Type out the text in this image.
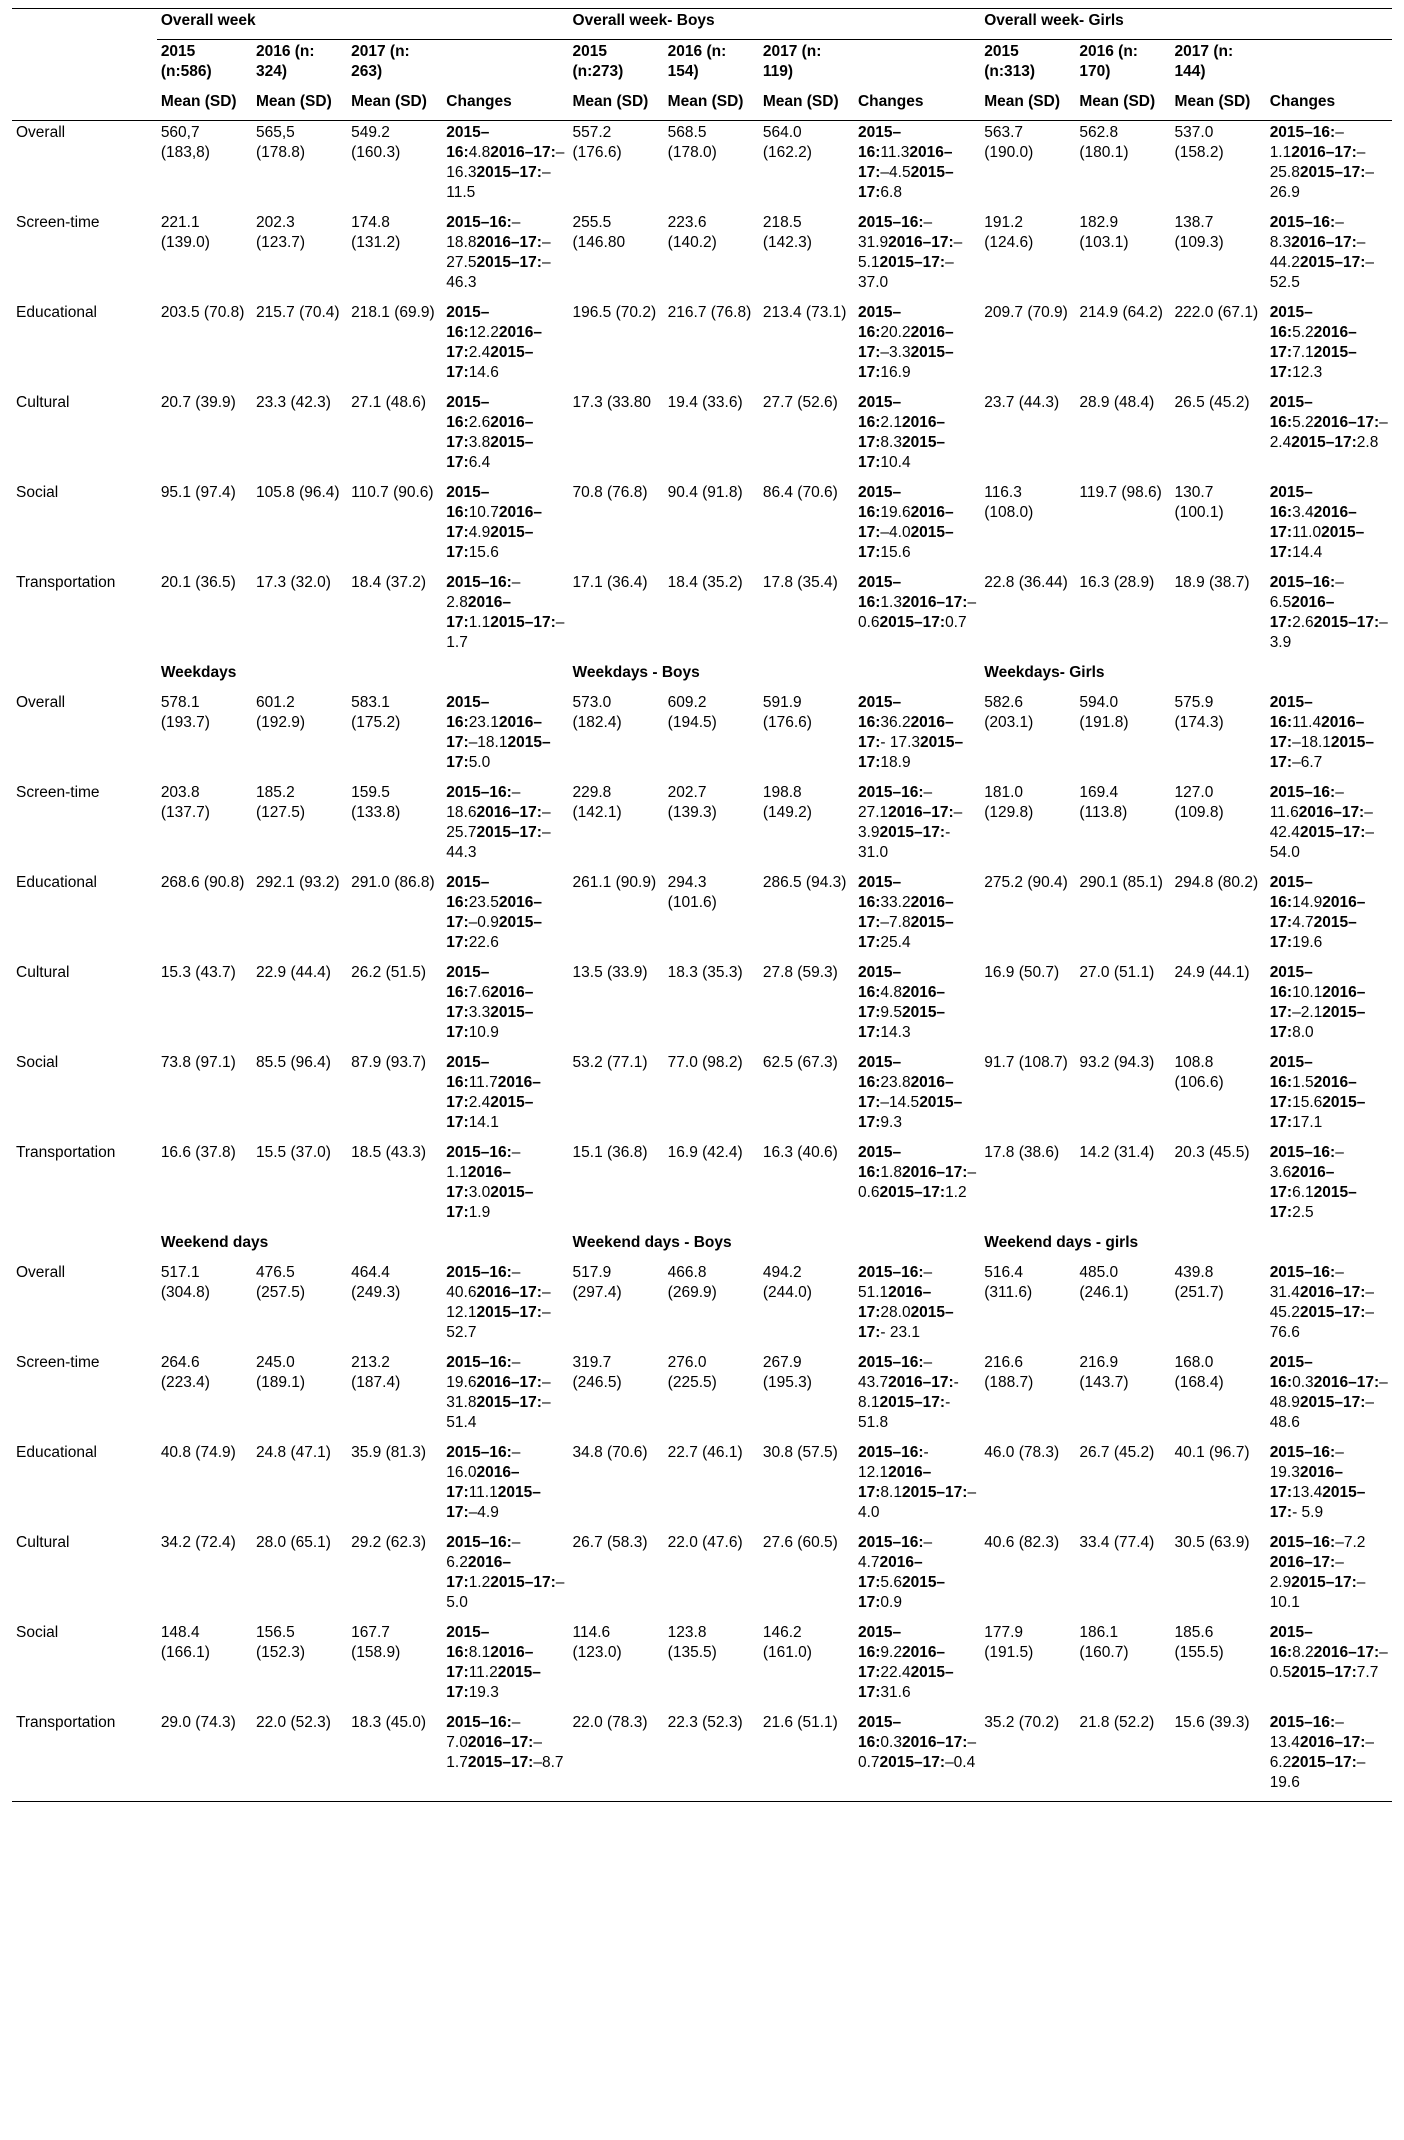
	Overall week				Overall week- Boys				Overall week- Girls			
	2015 (n:586)	2016 (n: 324)	2017 (n: 263)		2015 (n:273)	2016 (n: 154)	2017 (n: 119)		2015 (n:313)	2016 (n: 170)	2017 (n: 144)	
	Mean (SD)	Mean (SD)	Mean (SD)	Changes	Mean (SD)	Mean (SD)	Mean (SD)	Changes	Mean (SD)	Mean (SD)	Mean (SD)	Changes
Overall	560,7 (183,8)	565,5 (178.8)	549.2 (160.3)	2015–16:4.82016–17:–16.32015–17:–11.5	557.2 (176.6)	568.5 (178.0)	564.0 (162.2)	2015–16:11.32016–17:–4.52015–17:6.8	563.7 (190.0)	562.8 (180.1)	537.0 (158.2)	2015–16:–1.12016–17:–25.82015–17:–26.9
Screen-time	221.1 (139.0)	202.3 (123.7)	174.8 (131.2)	2015–16:–18.82016–17:–27.52015–17:–46.3	255.5 (146.80	223.6 (140.2)	218.5 (142.3)	2015–16:–31.92016–17:–5.12015–17:–37.0	191.2 (124.6)	182.9 (103.1)	138.7 (109.3)	2015–16:–8.32016–17:–44.22015–17:–52.5
Educational	203.5 (70.8)	215.7 (70.4)	218.1 (69.9)	2015–16:12.22016–17:2.42015–17:14.6	196.5 (70.2)	216.7 (76.8)	213.4 (73.1)	2015–16:20.22016–17:–3.32015–17:16.9	209.7 (70.9)	214.9 (64.2)	222.0 (67.1)	2015–16:5.22016–17:7.12015–17:12.3
Cultural	20.7 (39.9)	23.3 (42.3)	27.1 (48.6)	2015–16:2.62016–17:3.82015–17:6.4	17.3 (33.80	19.4 (33.6)	27.7 (52.6)	2015–16:2.12016–17:8.32015–17:10.4	23.7 (44.3)	28.9 (48.4)	26.5 (45.2)	2015–16:5.22016–17:–2.42015–17:2.8
Social	95.1 (97.4)	105.8 (96.4)	110.7 (90.6)	2015–16:10.72016–17:4.92015–17:15.6	70.8 (76.8)	90.4 (91.8)	86.4 (70.6)	2015–16:19.62016–17:–4.02015–17:15.6	116.3 (108.0)	119.7 (98.6)	130.7 (100.1)	2015–16:3.42016–17:11.02015–17:14.4
Transportation	20.1 (36.5)	17.3 (32.0)	18.4 (37.2)	2015–16:–2.82016–17:1.12015–17:–1.7	17.1 (36.4)	18.4 (35.2)	17.8 (35.4)	2015–16:1.32016–17:–0.62015–17:0.7	22.8 (36.44)	16.3 (28.9)	18.9 (38.7)	2015–16:–6.52016–17:2.62015–17:–3.9
	Weekdays				Weekdays - Boys				Weekdays- Girls			
Overall	578.1 (193.7)	601.2 (192.9)	583.1 (175.2)	2015–16:23.12016–17:–18.12015–17:5.0	573.0 (182.4)	609.2 (194.5)	591.9 (176.6)	2015–16:36.22016–17:- 17.32015–17:18.9	582.6 (203.1)	594.0 (191.8)	575.9 (174.3)	2015–16:11.42016–17:–18.12015–17:–6.7
Screen-time	203.8 (137.7)	185.2 (127.5)	159.5 (133.8)	2015–16:–18.62016–17:–25.72015–17:–44.3	229.8 (142.1)	202.7 (139.3)	198.8 (149.2)	2015–16:–27.12016–17:–3.92015–17:- 31.0	181.0 (129.8)	169.4 (113.8)	127.0 (109.8)	2015–16:–11.62016–17:–42.42015–17:–54.0
Educational	268.6 (90.8)	292.1 (93.2)	291.0 (86.8)	2015–16:23.52016–17:–0.92015–17:22.6	261.1 (90.9)	294.3 (101.6)	286.5 (94.3)	2015–16:33.22016–17:–7.82015–17:25.4	275.2 (90.4)	290.1 (85.1)	294.8 (80.2)	2015–16:14.92016–17:4.72015–17:19.6
Cultural	15.3 (43.7)	22.9 (44.4)	26.2 (51.5)	2015–16:7.62016–17:3.32015–17:10.9	13.5 (33.9)	18.3 (35.3)	27.8 (59.3)	2015–16:4.82016–17:9.52015–17:14.3	16.9 (50.7)	27.0 (51.1)	24.9 (44.1)	2015–16:10.12016–17:–2.12015–17:8.0
Social	73.8 (97.1)	85.5 (96.4)	87.9 (93.7)	2015–16:11.72016–17:2.42015–17:14.1	53.2 (77.1)	77.0 (98.2)	62.5 (67.3)	2015–16:23.82016–17:–14.52015–17:9.3	91.7 (108.7)	93.2 (94.3)	108.8 (106.6)	2015–16:1.52016–17:15.62015–17:17.1
Transportation	16.6 (37.8)	15.5 (37.0)	18.5 (43.3)	2015–16:–1.12016–17:3.02015–17:1.9	15.1 (36.8)	16.9 (42.4)	16.3 (40.6)	2015–16:1.82016–17:–0.62015–17:1.2	17.8 (38.6)	14.2 (31.4)	20.3 (45.5)	2015–16:–3.62016–17:6.12015–17:2.5
	Weekend days				Weekend days - Boys				Weekend days - girls			
Overall	517.1 (304.8)	476.5 (257.5)	464.4 (249.3)	2015–16:–40.62016–17:–12.12015–17:–52.7	517.9 (297.4)	466.8 (269.9)	494.2 (244.0)	2015–16:–51.12016–17:28.02015–17:- 23.1	516.4 (311.6)	485.0 (246.1)	439.8 (251.7)	2015–16:–31.42016–17:–45.22015–17:–76.6
Screen-time	264.6 (223.4)	245.0 (189.1)	213.2 (187.4)	2015–16:–19.62016–17:–31.82015–17:–51.4	319.7 (246.5)	276.0 (225.5)	267.9 (195.3)	2015–16:–43.72016–17:- 8.12015–17:- 51.8	216.6 (188.7)	216.9 (143.7)	168.0 (168.4)	2015–16:0.32016–17:–48.92015–17:–48.6
Educational	40.8 (74.9)	24.8 (47.1)	35.9 (81.3)	2015–16:–16.02016–17:11.12015–17:–4.9	34.8 (70.6)	22.7 (46.1)	30.8 (57.5)	2015–16:- 12.12016–17:8.12015–17:–4.0	46.0 (78.3)	26.7 (45.2)	40.1 (96.7)	2015–16:–19.32016–17:13.42015–17:- 5.9
Cultural	34.2 (72.4)	28.0 (65.1)	29.2 (62.3)	2015–16:–6.22016–17:1.22015–17:–5.0	26.7 (58.3)	22.0 (47.6)	27.6 (60.5)	2015–16:–4.72016–17:5.62015–17:0.9	40.6 (82.3)	33.4 (77.4)	30.5 (63.9)	2015–16:–7.2 2016–17:–2.92015–17:–10.1
Social	148.4 (166.1)	156.5 (152.3)	167.7 (158.9)	2015–16:8.12016–17:11.22015–17:19.3	114.6 (123.0)	123.8 (135.5)	146.2 (161.0)	2015–16:9.22016–17:22.42015–17:31.6	177.9 (191.5)	186.1 (160.7)	185.6 (155.5)	2015–16:8.22016–17:–0.52015–17:7.7
Transportation	29.0 (74.3)	22.0 (52.3)	18.3 (45.0)	2015–16:–7.02016–17:–1.72015–17:–8.7	22.0 (78.3)	22.3 (52.3)	21.6 (51.1)	2015–16:0.32016–17:–0.72015–17:–0.4	35.2 (70.2)	21.8 (52.2)	15.6 (39.3)	2015–16:–13.42016–17:–6.22015–17:–19.6
